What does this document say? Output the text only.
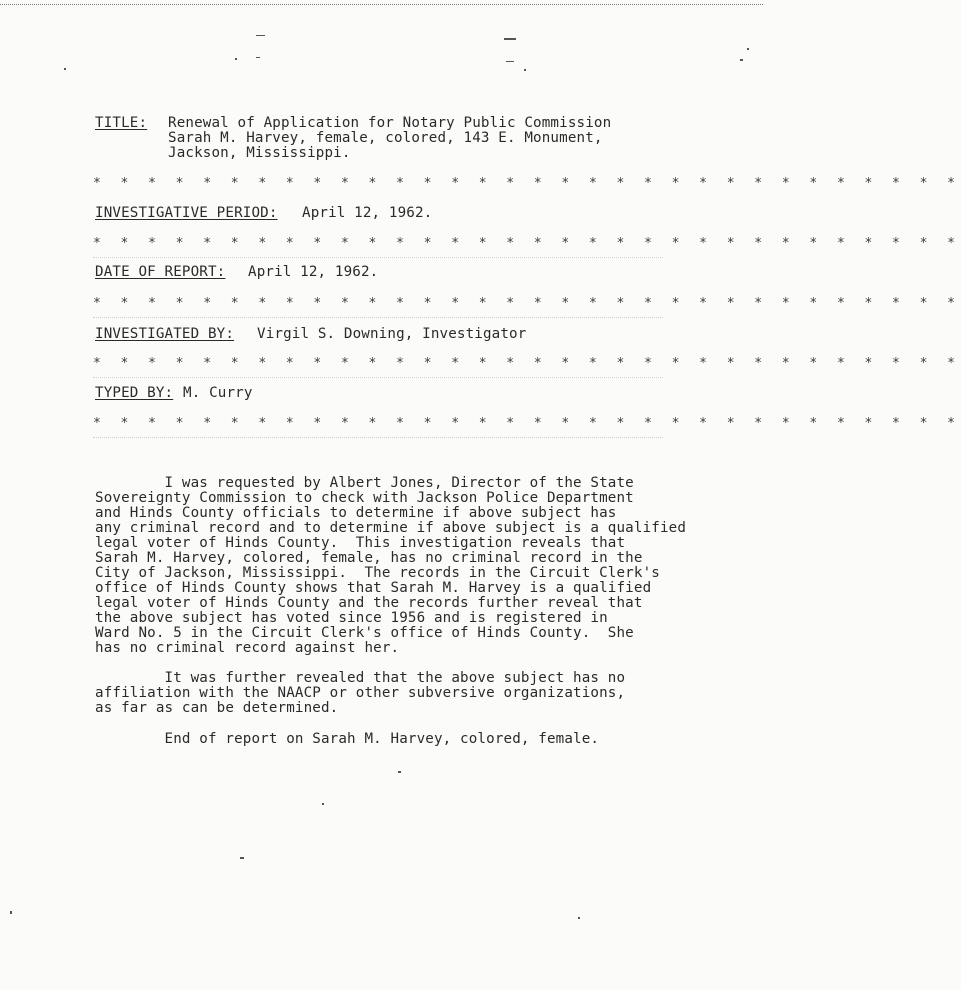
TITLE: Renewal of Application for Notary Public Commission
Sarah M. Harvey, female, colored, 143 E. Monument,
Jackson, Mississippi.
* * * * * * * * * * * * * * * * * * * * * * * * * * * * * * * *
INVESTIGATIVE PERIOD: April 12, 1962.
* * * * * * * * * * * * * * * * * * * * * * * * * * * * * * * *
DATE OF REPORT: April 12, 1962.
* * * * * * * * * * * * * * * * * * * * * * * * * * * * * * * *
INVESTIGATED BY: Virgil S. Downing, Investigator
* * * * * * * * * * * * * * * * * * * * * * * * * * * * * * * *
TYPED BY: M. Curry
* * * * * * * * * * * * * * * * * * * * * * * * * * * * * * * *
I was requested by Albert Jones, Director of the State
Sovereignty Commission to check with Jackson Police Department
and Hinds County officials to determine if above subject has
any criminal record and to determine if above subject is a qualified
legal voter of Hinds County.  This investigation reveals that
Sarah M. Harvey, colored, female, has no criminal record in the
City of Jackson, Mississippi.  The records in the Circuit Clerk's
office of Hinds County shows that Sarah M. Harvey is a qualified
legal voter of Hinds County and the records further reveal that
the above subject has voted since 1956 and is registered in
Ward No. 5 in the Circuit Clerk's office of Hinds County.  She
has no criminal record against her.
It was further revealed that the above subject has no
affiliation with the NAACP or other subversive organizations,
as far as can be determined.
End of report on Sarah M. Harvey, colored, female.
